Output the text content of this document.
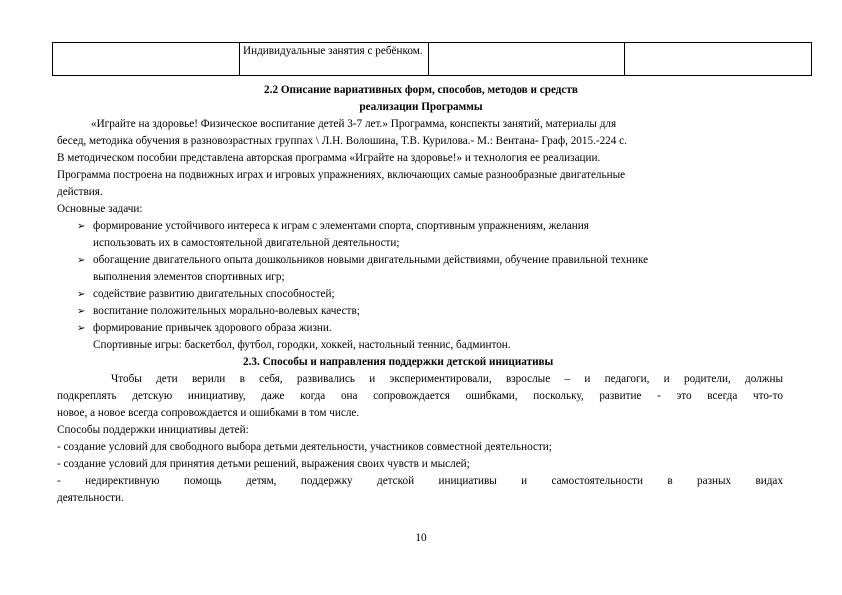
	Индивидуальные занятия с ребёнком.		
2.2 Описание вариативных форм, способов, методов и средств
реализации Программы
«Играйте на здоровье! Физическое воспитание детей 3-7 лет.» Программа, конспекты занятий, материалы для
бесед, методика обучения в разновозрастных группах \ Л.Н. Волошина, Т.В. Курилова.- М.: Вентана- Граф, 2015.-224 с.
В методическом пособии представлена авторская программа «Играйте на здоровье!» и технология ее реализации.
Программа построена на подвижных играх и игровых упражнениях, включающих самые разнообразные двигательные
действия.
Основные задачи:
➢ формирование устойчивого интереса к играм с элементами спорта, спортивным упражнениям, желания
использовать их в самостоятельной двигательной деятельности;
➢ обогащение двигательного опыта дошкольников новыми двигательными действиями, обучение правильной технике
выполнения элементов спортивных игр;
➢ содействие развитию двигательных способностей;
➢ воспитание положительных морально-волевых качеств;
➢ формирование привычек здорового образа жизни.
Спортивные игры: баскетбол, футбол, городки, хоккей, настольный теннис, бадминтон.
2.3. Способы и направления поддержки детской инициативы
Чтобы дети верили в себя, развивались и экспериментировали, взрослые – и педагоги, и родители, должны
подкреплять детскую инициативу, даже когда она сопровождается ошибками, поскольку, развитие - это всегда что-то
новое, а новое всегда сопровождается и ошибками в том числе.
Способы поддержки инициативы детей:
- создание условий для свободного выбора детьми деятельности, участников совместной деятельности;
- создание условий для принятия детьми решений, выражения своих чувств и мыслей;
- недирективную помощь детям, поддержку детской инициативы и самостоятельности в разных видах
деятельности.
10
